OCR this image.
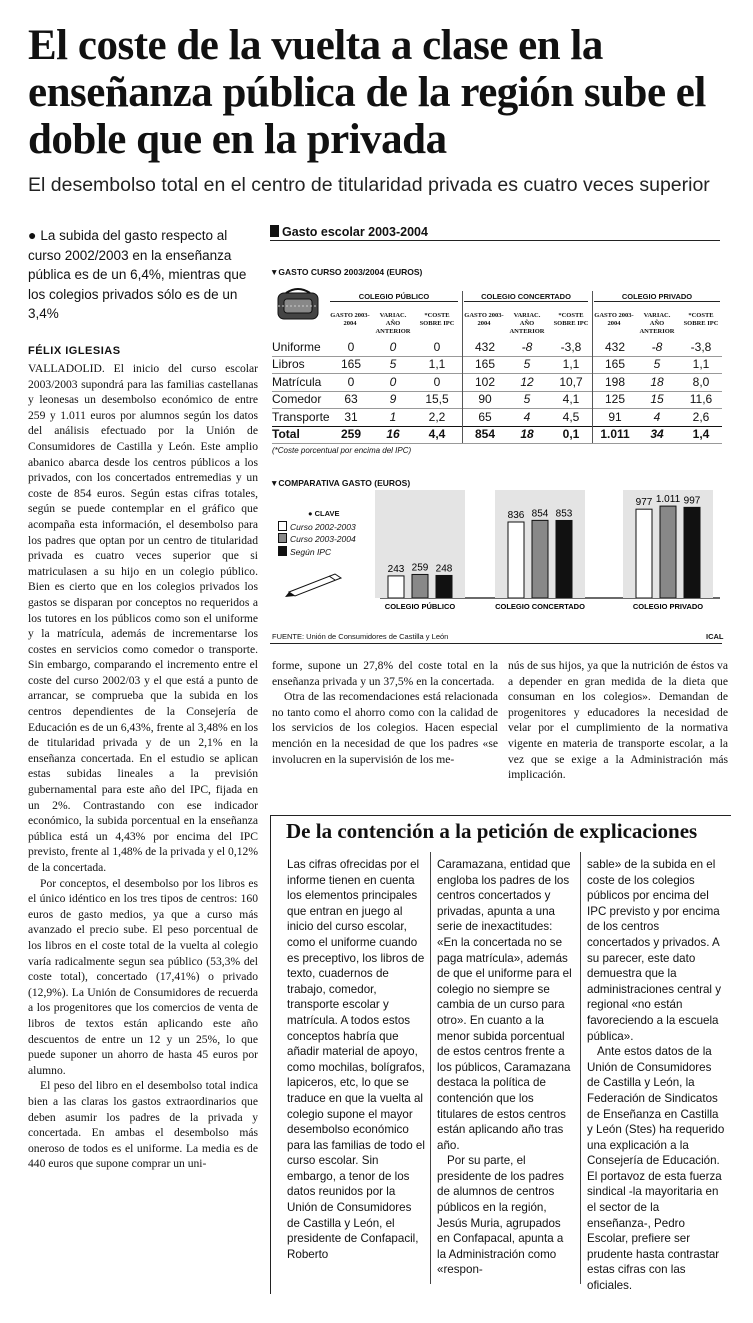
El coste de la vuelta a clase en la enseñanza pública de la región sube el doble que en la privada
El desembolso total en el centro de titularidad privada es cuatro veces superior
● La subida del gasto respecto al curso 2002/2003 en la enseñanza pública es de un 6,4%, mientras que los colegios privados sólo es de un 3,4%
FÉLIX IGLESIAS

VALLADOLID. El inicio del curso escolar 2003/2003 supondrá para las familias castellanas y leonesas un desembolso económico de entre 259 y 1.011 euros por alumnos según los datos del análisis efectuado por la Unión de Consumidores de Castilla y León. Este amplio abanico abarca desde los centros públicos a los privados, con los concertados entremedias y un coste de 854 euros. Según estas cifras totales, según se puede contemplar en el gráfico que acompaña esta información, el desembolso para los padres que optan por un centro de titularidad privada es cuatro veces superior que si matriculasen a su hijo en un colegio público. Bien es cierto que en los colegios privados los gastos se disparan por conceptos no requeridos a los tutores en los públicos como son el uniforme y la matrícula, además de incrementarse los costes en servicios como comedor o transporte. Sin embargo, comparando el incremento entre el coste del curso 2002/03 y el que está a punto de arrancar, se comprueba que la subida en los centros dependientes de la Consejería de Educación es de un 6,43%, frente al 3,48% en los de titularidad privada y de un 2,1% en la enseñanza concertada. En el estudio se aplican estas subidas lineales a la previsión gubernamental para este año del IPC, fijada en un 2%. Contrastando con ese indicador económico, la subida porcentual en la enseñanza pública está un 4,43% por encima del IPC previsto, frente al 1,48% de la privada y el 0,12% de la concertada.

Por conceptos, el desembolso por los libros es el único idéntico en los tres tipos de centros: 160 euros de gasto medios, ya que a curso más avanzado el precio sube. El peso porcentual de los libros en el coste total de la vuelta al colegio varía radicalmente segun sea público (53,3% del coste total), concertado (17,41%) o privado (12,9%). La Unión de Consumidores de recuerda a los progenitores que los comercios de venta de libros de textos están aplicando este año descuentos de entre un 12 y un 25%, lo que puede suponer un ahorro de hasta 45 euros por alumno.

El peso del libro en el desembolso total indica bien a las claras los gastos extraordinarios que deben asumir los padres de la privada y concertada. En ambas el desembolso más oneroso de todos es el uniforme. La media es de 440 euros que supone comprar un uni-

Gasto escolar 2003-2004
▼GASTO CURSO 2003/2004 (EUROS)
COLEGIO PÚBLICO	COLEGIO CONCERTADO	COLEGIO PRIVADO
GASTO 2003-2004
VARIAC. AÑO ANTERIOR
*COSTE SOBRE IPC
GASTO 2003-2004
VARIAC. AÑO ANTERIOR
*COSTE SOBRE IPC
GASTO 2003-2004
VARIAC. AÑO ANTERIOR
*COSTE SOBRE IPC
Uniforme	0	0	0	432	-8	-3,8	432	-8	-3,8
Libros	165	5	1,1	165	5	1,1	165	5	1,1
Matrícula	0	0	0	102	12	10,7	198	18	8,0
Comedor	63	9	15,5	90	5	4,1	125	15	11,6
Transporte	31	1	2,2	65	4	4,5	91	4	2,6
Total	259	16	4,4	854	18	0,1	1.011	34	1,4
(*Coste porcentual por encima del IPC)
▼COMPARATIVA GASTO (EUROS)
● CLAVE
Curso 2002-2003
Curso 2003-2004
Según IPC
243 259 248
COLEGIO PÚBLICO
836 854 853
COLEGIO CONCERTADO
977 1.011 997
COLEGIO PRIVADO
FUENTE: Unión de Consumidores de Castilla y León	ICAL

forme, supone un 27,8% del coste total en la enseñanza privada y un 37,5% en la concertada.

Otra de las recomendaciones está relacionada no tanto como el ahorro como con la calidad de los servicios de los colegios. Hacen especial mención en la necesidad de que los padres «se involucren en la supervisión de los me-

nús de sus hijos, ya que la nutrición de éstos va a depender en gran medida de la dieta que consuman en los colegios». Demandan de progenitores y educadores la necesidad de velar por el cumplimiento de la normativa vigente en materia de transporte escolar, a la vez que se exige a la Administración más implicación.

De la contención a la petición de explicaciones

Las cifras ofrecidas por el informe tienen en cuenta los elementos principales que entran en juego al inicio del curso escolar, como el uniforme cuando es preceptivo, los libros de texto, cuadernos de trabajo, comedor, transporte escolar y matrícula. A todos estos conceptos habría que añadir material de apoyo, como mochilas, bolígrafos, lapiceros, etc, lo que se traduce en que la vuelta al colegio supone el mayor desembolso económico para las familias de todo el curso escolar. Sin embargo, a tenor de los datos reunidos por la Unión de Consumidores de Castilla y León, el presidente de Confapacil, Roberto

Caramazana, entidad que engloba los padres de los centros concertados y privadas, apunta a una serie de inexactitudes: «En la concertada no se paga matrícula», además de que el uniforme para el colegio no siempre se cambia de un curso para otro». En cuanto a la menor subida porcentual de estos centros frente a los públicos, Caramazana destaca la política de contención que los titulares de estos centros están aplicando año tras año.

Por su parte, el presidente de los padres de alumnos de centros públicos en la región, Jesús Muria, agrupados en Confapacal, apunta a la Administración como «respon-

sable» de la subida en el coste de los colegios públicos por encima del IPC previsto y por encima de los centros concertados y privados. A su parecer, este dato demuestra que la administraciones central y regional «no están favoreciendo a la escuela pública».

Ante estos datos de la Unión de Consumidores de Castilla y León, la Federación de Sindicatos de Enseñanza en Castilla y León (Stes) ha requerido una explicación a la Consejería de Educación. El portavoz de esta fuerza sindical -la mayoritaria en el sector de la enseñanza-, Pedro Escolar, prefiere ser prudente hasta contrastar estas cifras con las oficiales.
